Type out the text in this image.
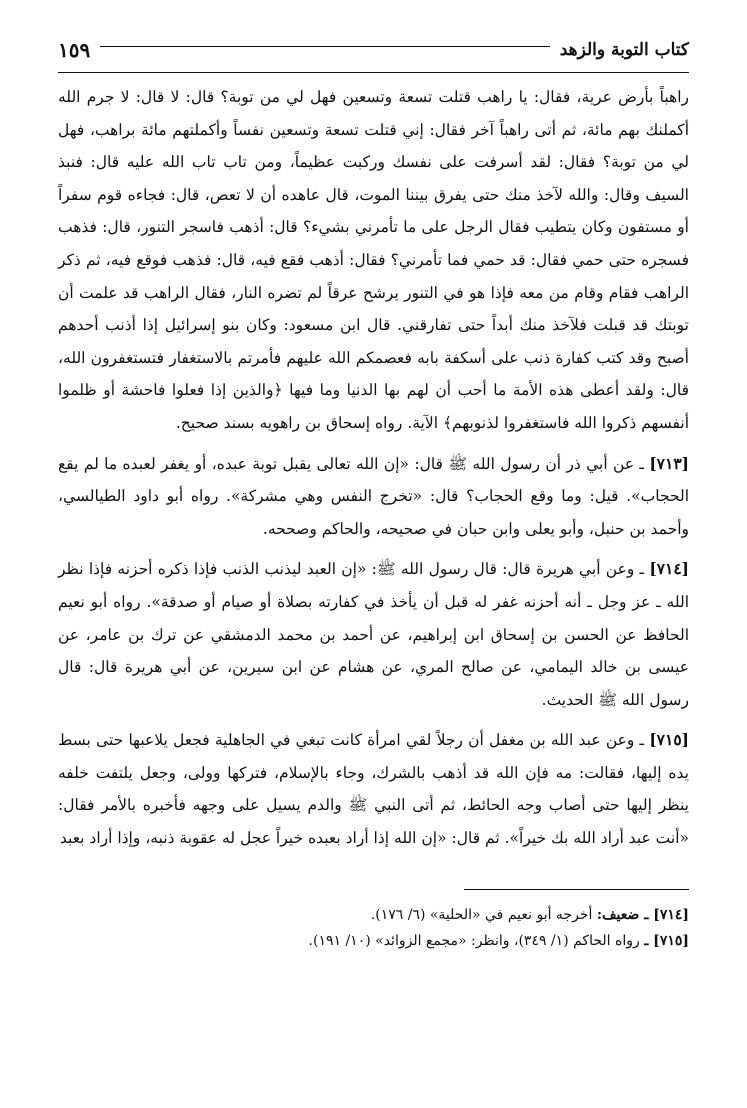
كتاب التوبة والزهد
١٥٩

راهباً بأرض عرية، فقال: يا راهب قتلت تسعة وتسعين فهل لي من توبة؟ قال: لا قال: لا جرم الله أكملنك بهم مائة، ثم أتى راهباً آخر فقال: إني قتلت تسعة وتسعين نفساً وأكملتهم مائة براهب، فهل لي من توبة؟ فقال: لقد أسرفت على نفسك وركبت عظيماً، ومن تاب تاب الله عليه قال: فنبذ السيف وقال: والله لآخذ منك حتى يفرق بيننا الموت، قال عاهده أن لا تعص، قال: فجاءه قوم سفراً أو مستفون وكان يتطيب فقال الرجل على ما تأمرني بشيء؟ قال: أذهب فاسجر التنور، قال: فذهب فسجره حتى حمي فقال: قد حمي فما تأمرني؟ فقال: أذهب فقع فيه، قال: فذهب فوقع فيه، ثم ذكر الراهب فقام وقام من معه فإذا هو في التنور يرشح عرقاً لم تضره النار، فقال الراهب قد علمت أن توبتك قد قبلت فلآخذ منك أبداً حتى تفارقني. قال ابن مسعود: وكان بنو إسرائيل إذا أذنب أحدهم أصبح وقد كتب كفارة ذنب على أسكفة بابه فعصمكم الله عليهم فأمرتم بالاستغفار فتستغفرون الله، قال: ولقد أعطى هذه الأمة ما أحب أن لهم بها الدنيا وما فيها ﴿والذين إذا فعلوا فاحشة أو ظلموا أنفسهم ذكروا الله فاستغفروا لذنوبهم﴾ الآية. رواه إسحاق بن راهويه بسند صحيح.

[٧١٣] ـ عن أبي ذر أن رسول الله ﷺ قال: «إن الله تعالى يقبل توبة عبده، أو يغفر لعبده ما لم يقع الحجاب». قيل: وما وقع الحجاب؟ قال: «تخرج النفس وهي مشركة». رواه أبو داود الطيالسي، وأحمد بن حنبل، وأبو يعلى وابن حبان في صحيحه، والحاكم وصححه.

[٧١٤] ـ وعن أبي هريرة قال: قال رسول الله ﷺ: «إن العبد ليذنب الذنب فإذا ذكره أحزنه فإذا نظر الله ـ عز وجل ـ أنه أحزنه غفر له قبل أن يأخذ في كفارته بصلاة أو صيام أو صدقة». رواه أبو نعيم الحافظ عن الحسن بن إسحاق ابن إبراهيم، عن أحمد بن محمد الدمشقي عن ترك بن عامر، عن عيسى بن خالد اليمامي، عن صالح المري، عن هشام عن ابن سيرين، عن أبي هريرة قال: قال رسول الله ﷺ الحديث.

[٧١٥] ـ وعن عبد الله بن مغفل أن رجلاً لقي امرأة كانت تبغي في الجاهلية فجعل يلاعبها حتى بسط يده إليها، فقالت: مه فإن الله قد أذهب بالشرك، وجاء بالإسلام، فتركها وولى، وجعل يلتفت خلفه ينظر إليها حتى أصاب وجه الحائط، ثم أتى النبي ﷺ والدم يسيل على وجهه فأخبره بالأمر فقال: «أنت عبد أراد الله بك خيراً». ثم قال: «إن الله إذا أراد بعبده خيراً عجل له عقوبة ذنبه، وإذا أراد بعبد

[٧١٤] ـ ضعيف: أخرجه أبو نعيم في «الحلية» (٦/ ١٧٦).
[٧١٥] ـ رواه الحاكم (١/ ٣٤٩)، وانظر: «مجمع الزوائد» (١٠/ ١٩١).
